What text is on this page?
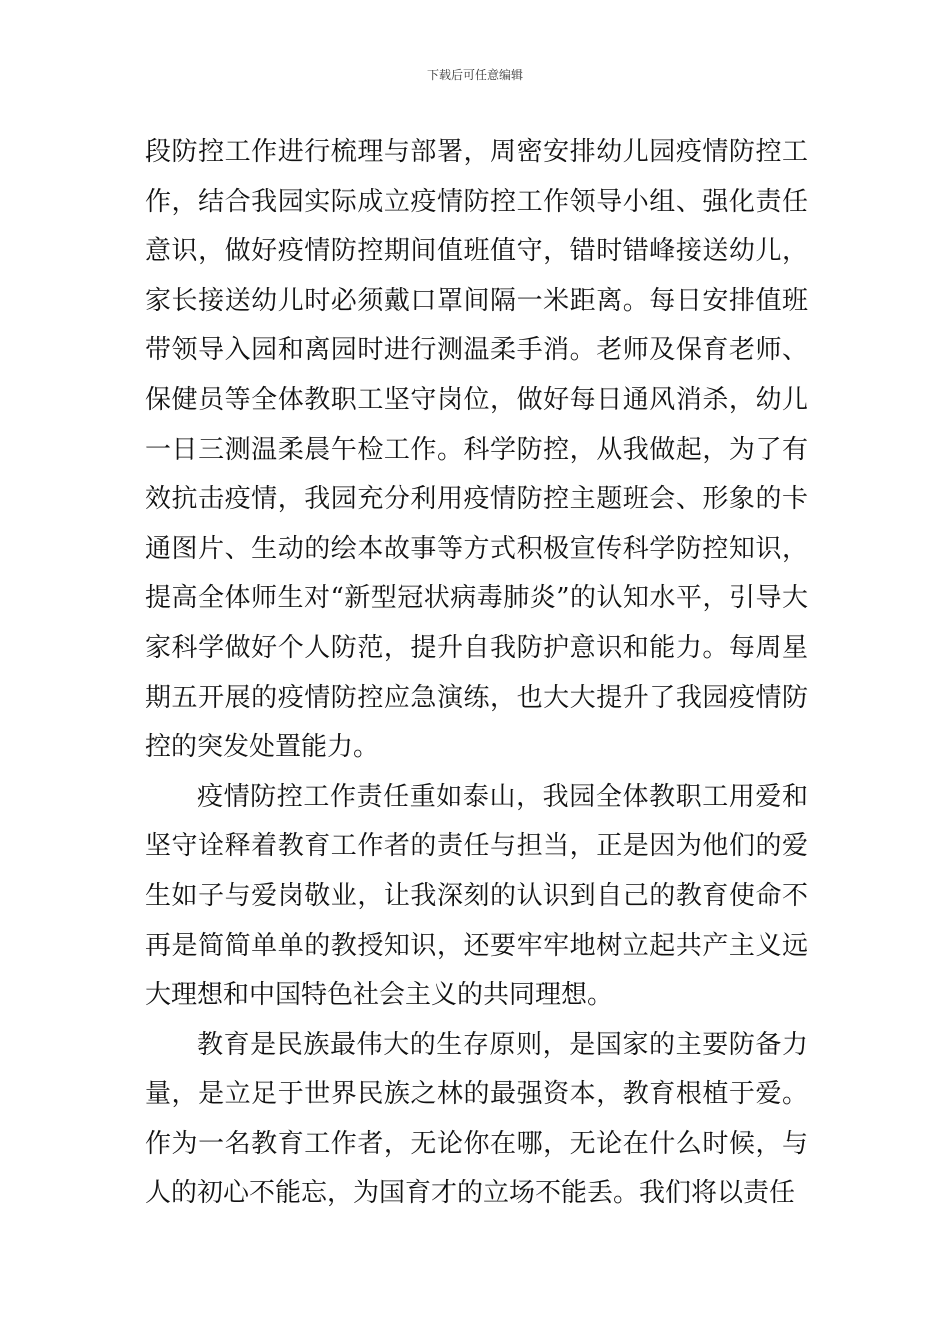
下载后可任意编辑

段防控工作进行梳理与部署，周密安排幼儿园疫情防控工作，结合我园实际成立疫情防控工作领导小组、强化责任意识，做好疫情防控期间值班值守，错时错峰接送幼儿，家长接送幼儿时必须戴口罩间隔一米距离。每日安排值班带领导入园和离园时进行测温柔手消。老师及保育老师、保健员等全体教职工坚守岗位，做好每日通风消杀，幼儿一日三测温柔晨午检工作。科学防控，从我做起，为了有效抗击疫情，我园充分利用疫情防控主题班会、形象的卡通图片、生动的绘本故事等方式积极宣传科学防控知识，提高全体师生对“新型冠状病毒肺炎”的认知水平，引导大家科学做好个人防范，提升自我防护意识和能力。每周星期五开展的疫情防控应急演练，也大大提升了我园疫情防控的突发处置能力。

疫情防控工作责任重如泰山，我园全体教职工用爱和坚守诠释着教育工作者的责任与担当，正是因为他们的爱生如子与爱岗敬业，让我深刻的认识到自己的教育使命不再是简简单单的教授知识，还要牢牢地树立起共产主义远大理想和中国特色社会主义的共同理想。

教育是民族最伟大的生存原则，是国家的主要防备力量，是立足于世界民族之林的最强资本，教育根植于爱。作为一名教育工作者，无论你在哪，无论在什么时候，与人的初心不能忘，为国育才的立场不能丢。我们将以责任
